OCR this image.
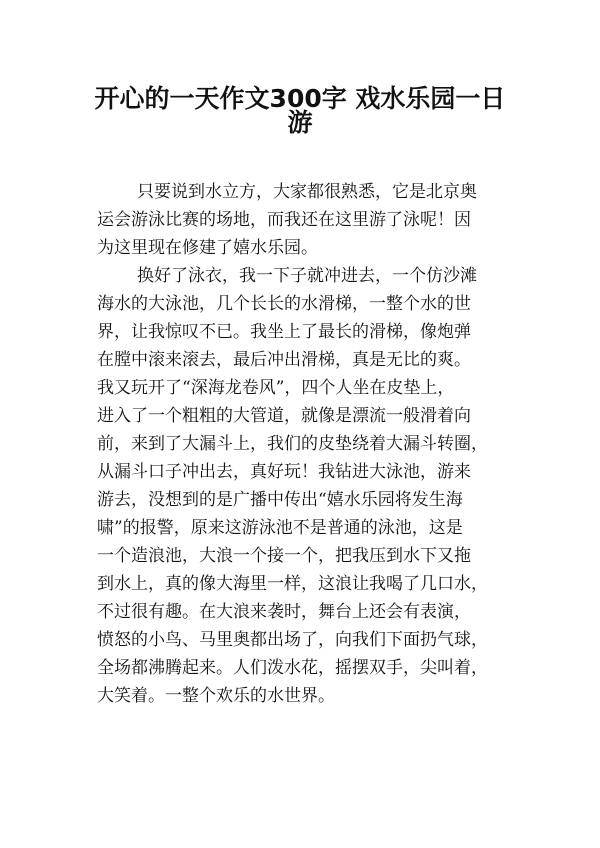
开心的一天作文300字 戏水乐园一日
游
只要说到水立方，大家都很熟悉，它是北京奥
运会游泳比赛的场地，而我还在这里游了泳呢！因
为这里现在修建了嬉水乐园。
换好了泳衣，我一下子就冲进去，一个仿沙滩
海水的大泳池，几个长长的水滑梯，一整个水的世
界，让我惊叹不已。我坐上了最长的滑梯，像炮弹
在膛中滚来滚去，最后冲出滑梯，真是无比的爽。
我又玩开了“深海龙卷风”，四个人坐在皮垫上，
进入了一个粗粗的大管道，就像是漂流一般滑着向
前，来到了大漏斗上，我们的皮垫绕着大漏斗转圈，
从漏斗口子冲出去，真好玩！我钻进大泳池，游来
游去，没想到的是广播中传出“嬉水乐园将发生海
啸”的报警，原来这游泳池不是普通的泳池，这是
一个造浪池，大浪一个接一个，把我压到水下又拖
到水上，真的像大海里一样，这浪让我喝了几口水，
不过很有趣。在大浪来袭时，舞台上还会有表演，
愤怒的小鸟、马里奥都出场了，向我们下面扔气球，
全场都沸腾起来。人们泼水花，摇摆双手，尖叫着，
大笑着。一整个欢乐的水世界。
